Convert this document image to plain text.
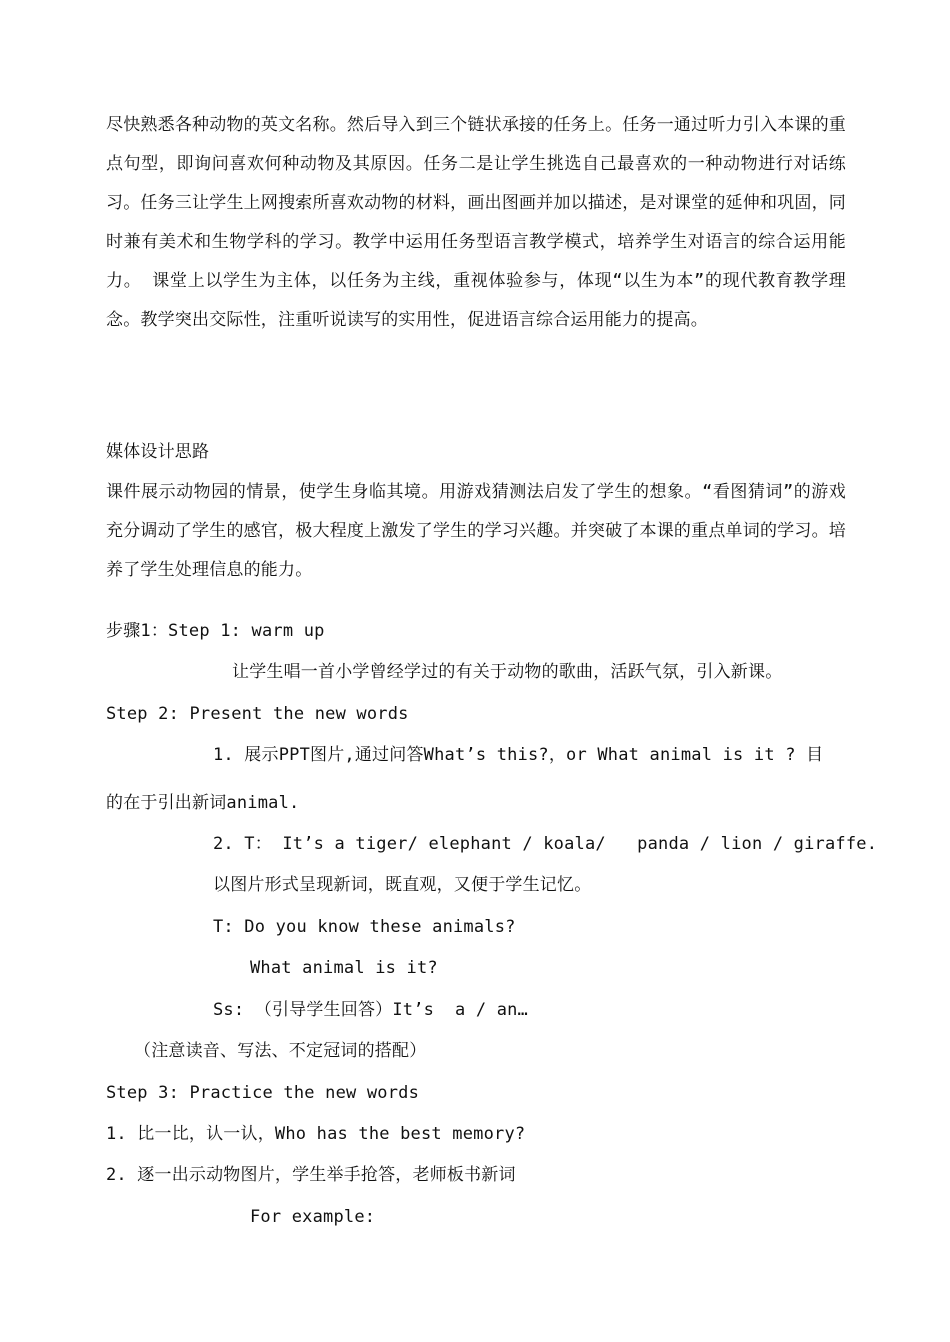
尽快熟悉各种动物的英文名称。然后导入到三个链状承接的任务上。任务一通过听力引入本课的重点句型，即询问喜欢何种动物及其原因。任务二是让学生挑选自己最喜欢的一种动物进行对话练习。任务三让学生上网搜索所喜欢动物的材料，画出图画并加以描述，是对课堂的延伸和巩固，同时兼有美术和生物学科的学习。教学中运用任务型语言教学模式，培养学生对语言的综合运用能力。 课堂上以学生为主体，以任务为主线，重视体验参与，体现“以生为本”的现代教育教学理念。教学突出交际性，注重听说读写的实用性，促进语言综合运用能力的提高。

媒体设计思路

课件展示动物园的情景，使学生身临其境。用游戏猜测法启发了学生的想象。“看图猜词”的游戏充分调动了学生的感官，极大程度上激发了学生的学习兴趣。并突破了本课的重点单词的学习。培养了学生处理信息的能力。

步骤1：Step 1: warm up

让学生唱一首小学曾经学过的有关于动物的歌曲，活跃气氛，引入新课。

Step 2: Present the new words

1. 展示PPT图片,通过问答What’s this?，or What animal is it ? 目

的在于引出新词animal.

2. T： It’s a tiger/ elephant / koala/   panda / lion / giraffe.

以图片形式呈现新词，既直观，又便于学生记忆。

T: Do you know these animals?

What animal is it?

Ss: （引导学生回答）It’s  a / an…

（注意读音、写法、不定冠词的搭配）

Step 3: Practice the new words

1. 比一比，认一认，Who has the best memory?

2. 逐一出示动物图片，学生举手抢答，老师板书新词

For example:
